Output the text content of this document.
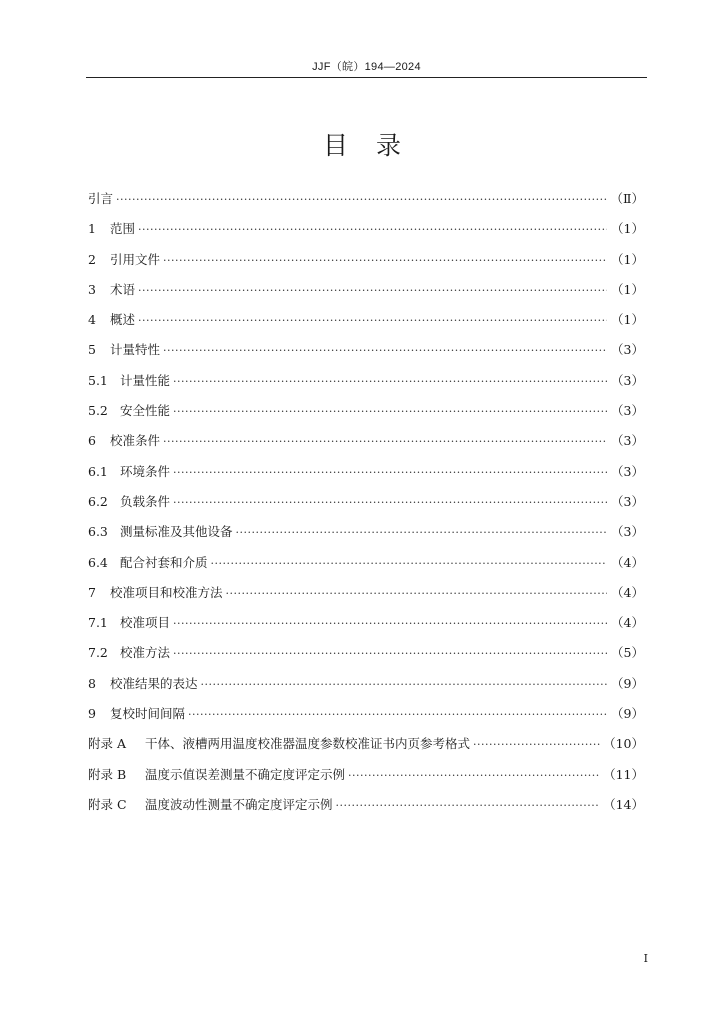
JJF（皖）194—2024
目录
引言 ·····	（Ⅱ）
1	范围 ·····	（1）
2	引用文件 ·····	（1）
3	术语 ·····	（1）
4	概述 ·····	（1）
5	计量特性 ·····	（3）
5.1 计量性能 ·····	（3）
5.2 安全性能 ·····	（3）
6	校准条件 ·····	（3）
6.1 环境条件 ·····	（3）
6.2 负载条件 ·····	（3）
6.3 测量标准及其他设备 ·····	（3）
6.4 配合衬套和介质 ·····	（4）
7	校准项目和校准方法 ·····	（4）
7.1 校准项目 ·····	（4）
7.2 校准方法 ·····	（5）
8	校准结果的表达 ·····	（9）
9	复校时间间隔 ·····	（9）
附录 A	干体、液槽两用温度校准器温度参数校准证书内页参考格式 ·····	（10）
附录 B	温度示值误差测量不确定度评定示例 ·····	（11）
附录 C	温度波动性测量不确定度评定示例 ·····	（14）
I
